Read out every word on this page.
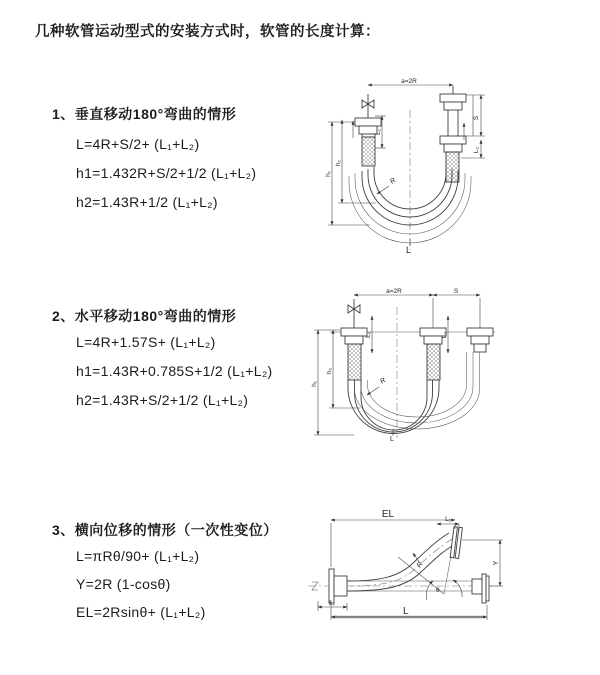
几种软管运动型式的安装方式时，软管的长度计算：
1、垂直移动180°弯曲的情形
L=4R+S/2+ (L₁+L₂)
h1=1.432R+S/2+1/2 (L₁+L₂)
h2=1.43R+1/2 (L₁+L₂)
2、水平移动180°弯曲的情形
L=4R+1.57S+ (L₁+L₂)
h1=1.43R+0.785S+1/2 (L₁+L₂)
h2=1.43R+S/2+1/2 (L₁+L₂)
3、横向位移的情形（一次性变位）
L=πRθ/90+ (L₁+L₂)
Y=2R (1-cosθ)
EL=2Rsinθ+ (L₁+L₂)
a=2R
S
L₂
h₁
h₂
L₁
R
L
a=2R	S
h₁
h₂
L₁	L₂
R
L
θ
R
EL	L₁
Y
L₁
L
